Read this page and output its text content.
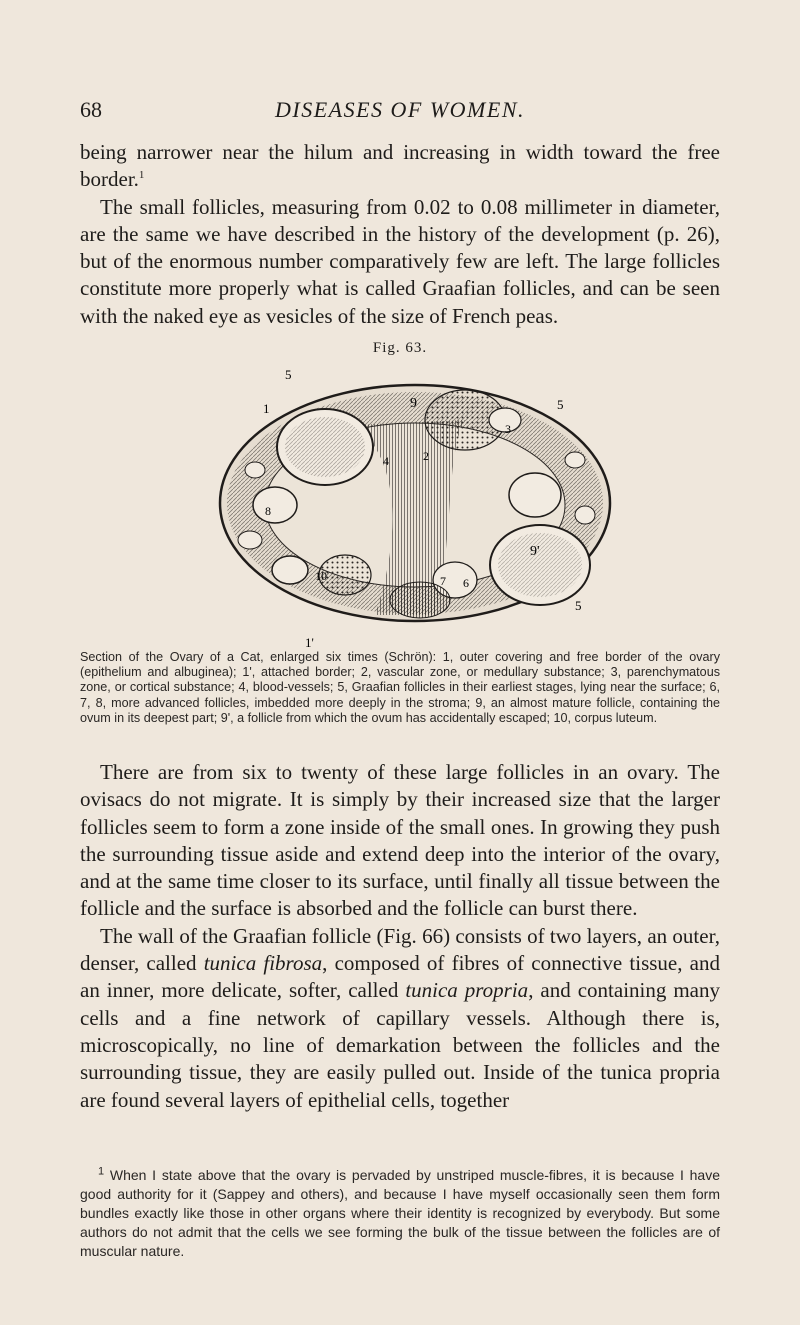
68	DISEASES OF WOMEN.

being narrower near the hilum and increasing in width toward the free border.$^1$

The small follicles, measuring from 0.02 to 0.08 millimeter in diameter, are the same we have described in the history of the development (p. 26), but of the enormous number comparatively few are left. The large follicles constitute more properly what is called Graafian follicles, and can be seen with the naked eye as vesicles of the size of French peas.

Fig. 63.
1
5
9	5
3
4	2
8
9'
10	7 6
5
1'
Section of the Ovary of a Cat, enlarged six times (Schrön): 1, outer covering and free border of the ovary (epithelium and albuginea); 1', attached border; 2, vascular zone, or medullary substance; 3, parenchymatous zone, or cortical substance; 4, blood-vessels; 5, Graafian follicles in their earliest stages, lying near the surface; 6, 7, 8, more advanced follicles, imbedded more deeply in the stroma; 9, an almost mature follicle, containing the ovum in its deepest part; 9', a follicle from which the ovum has accidentally escaped; 10, corpus luteum.

There are from six to twenty of these large follicles in an ovary. The ovisacs do not migrate. It is simply by their increased size that the larger follicles seem to form a zone inside of the small ones. In growing they push the surrounding tissue aside and extend deep into the interior of the ovary, and at the same time closer to its surface, until finally all tissue between the follicle and the surface is absorbed and the follicle can burst there.

The wall of the Graafian follicle (Fig. 66) consists of two layers, an outer, denser, called tunica fibrosa, composed of fibres of connective tissue, and an inner, more delicate, softer, called tunica propria, and containing many cells and a fine network of capillary vessels. Although there is, microscopically, no line of demarkation between the follicles and the surrounding tissue, they are easily pulled out. Inside of the tunica propria are found several layers of epithelial cells, together

$^1$ When I state above that the ovary is pervaded by unstriped muscle-fibres, it is because I have good authority for it (Sappey and others), and because I have myself occasionally seen them form bundles exactly like those in other organs where their identity is recognized by everybody. But some authors do not admit that the cells we see forming the bulk of the tissue between the follicles are of muscular nature.
